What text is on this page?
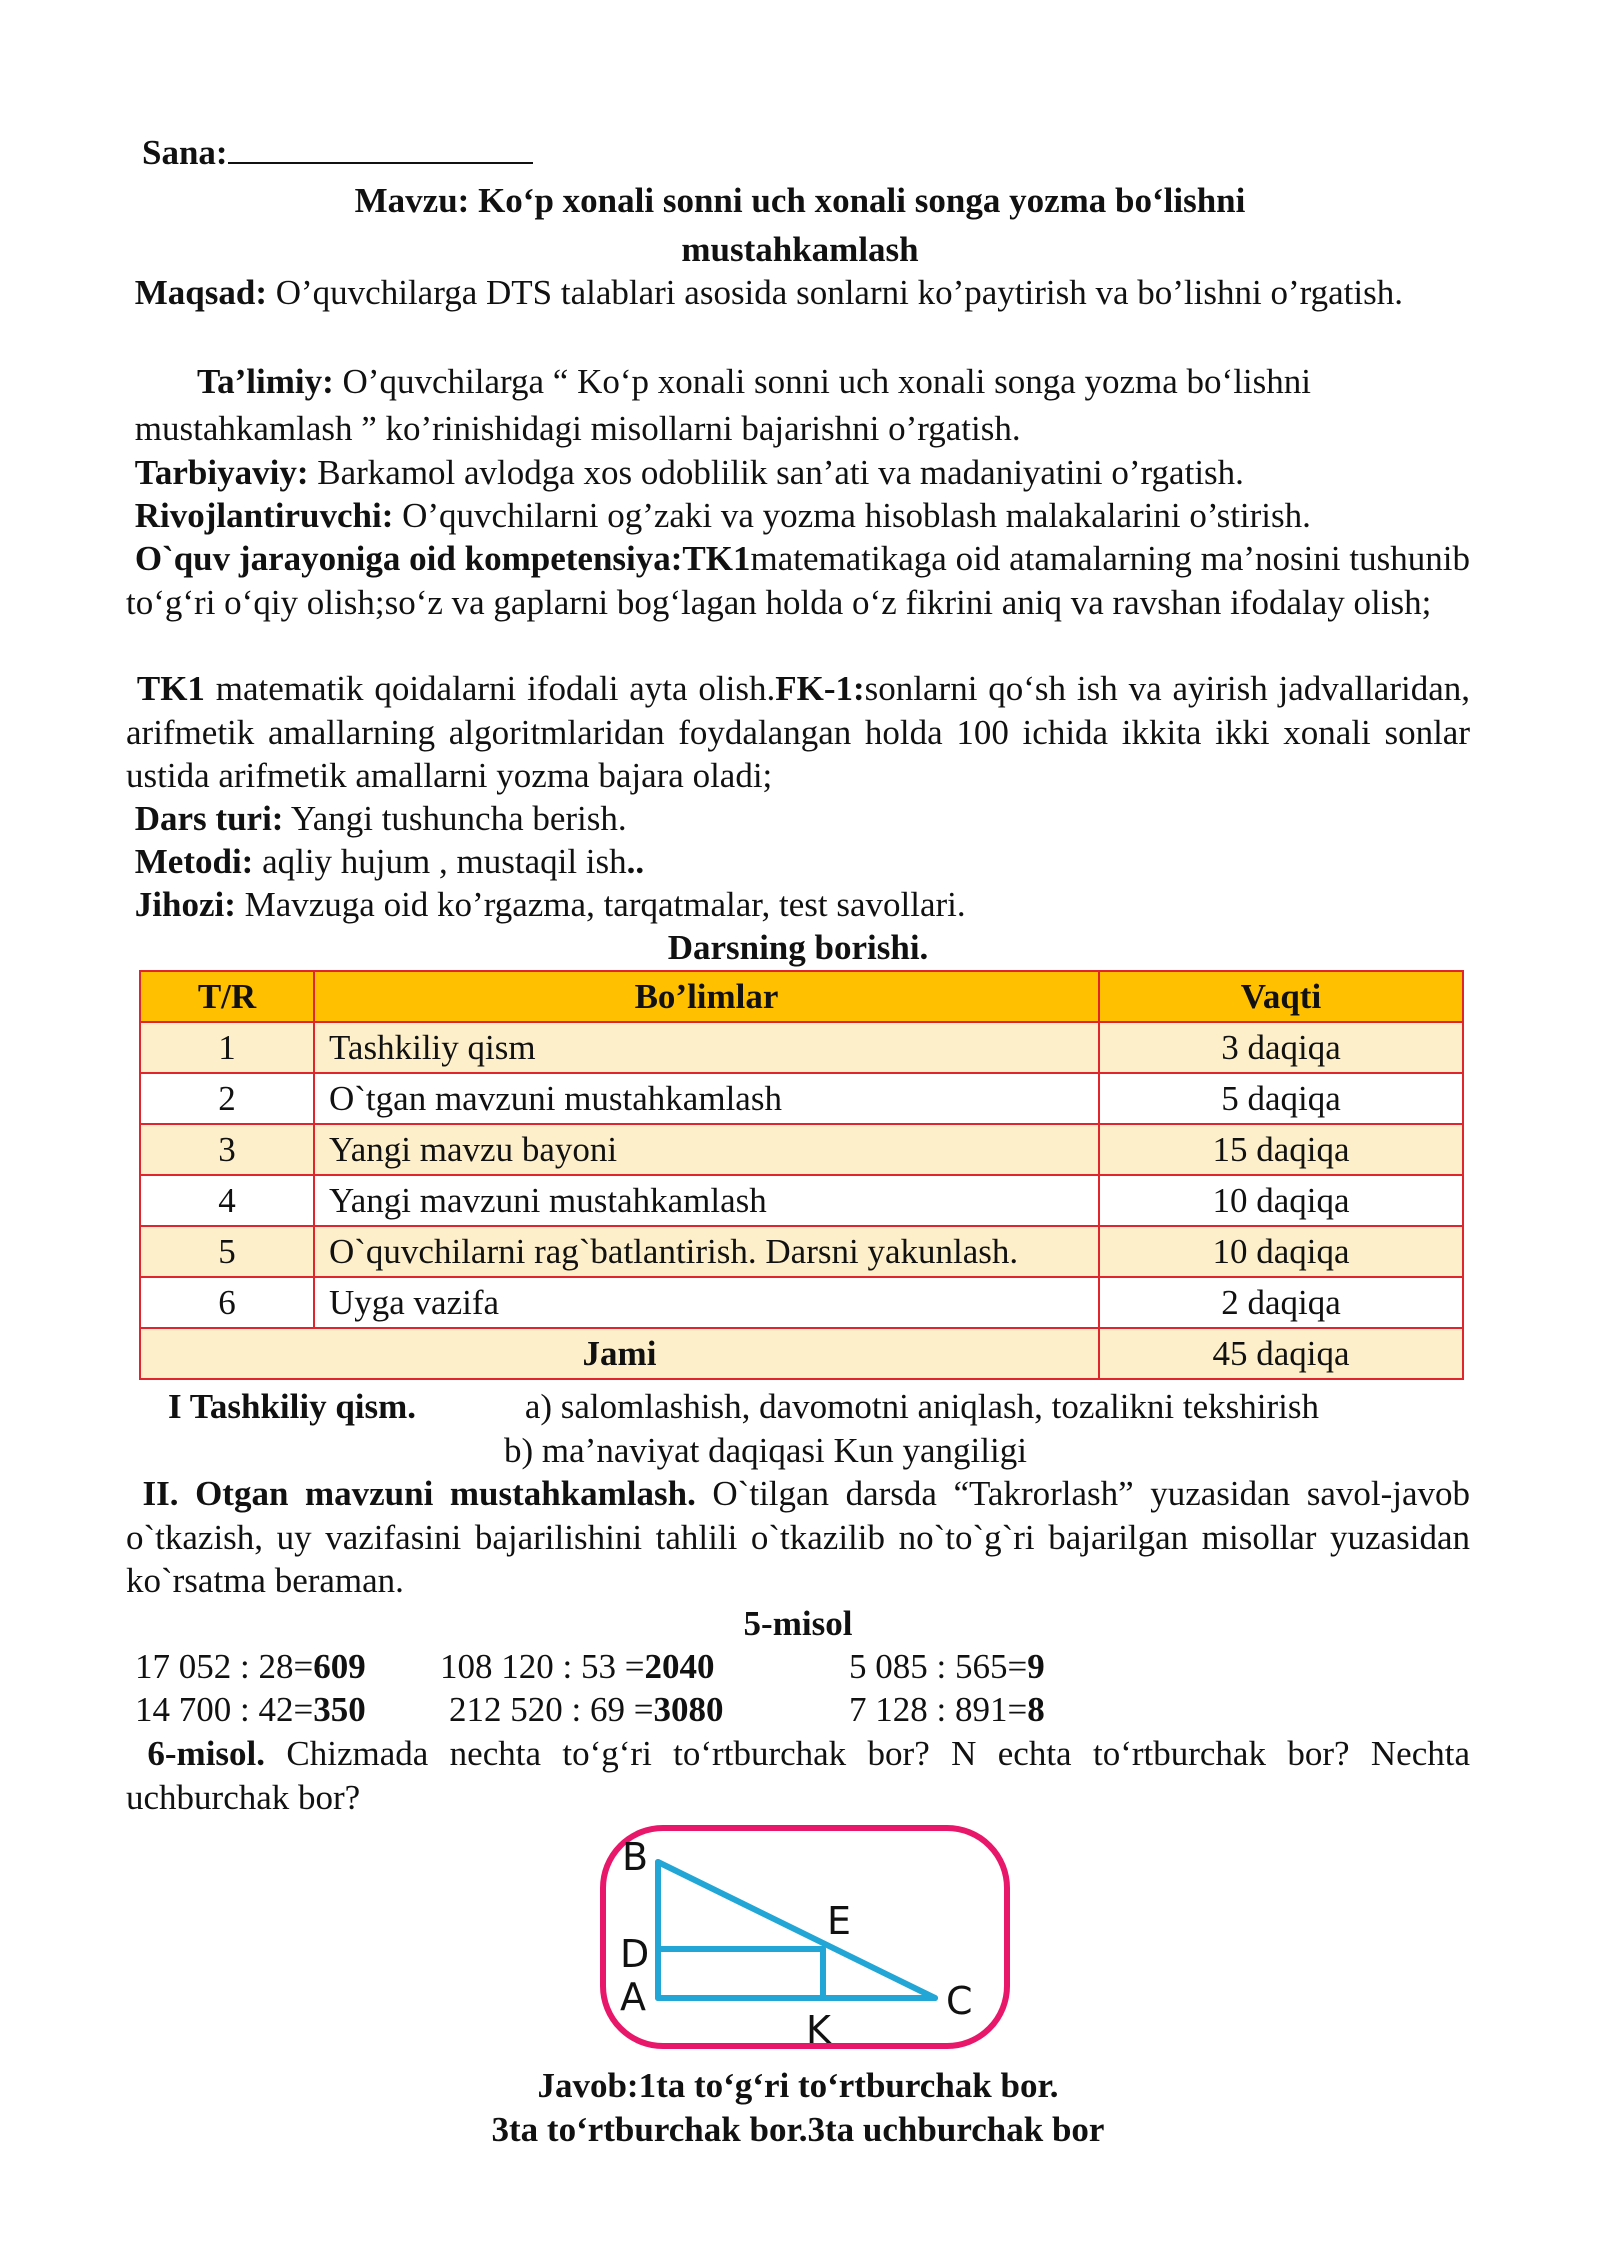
Sana:

Mavzu: Ko‘p xonali sonni uch xonali songa yozma bo‘lishni
mustahkamlash

Maqsad: O’quvchilarga DTS talablari asosida sonlarni ko’paytirish va bo’lishni o’rgatish.

Ta’limiy: O’quvchilarga “ Ko‘p xonali sonni uch xonali songa yozma bo‘lishni
mustahkamlash ” ko’rinishidagi misollarni bajarishni o’rgatish.

Tarbiyaviy: Barkamol avlodga xos odoblilik san’ati va madaniyatini o’rgatish.

Rivojlantiruvchi: O’quvchilarni og’zaki va yozma hisoblash malakalarini o’stirish.

O`quv jarayoniga oid kompetensiya:TK1matematikaga oid atamalarning ma’nosini tushunib to‘g‘ri o‘qiy olish;so‘z va gaplarni bog‘lagan holda o‘z fikrini aniq va ravshan ifodalay olish;

TK1 matematik qoidalarni ifodali ayta olish.FK-1:sonlarni qo‘sh ish va ayirish jadvallaridan, arifmetik amallarning algoritmlaridan foydalangan holda 100 ichida ikkita ikki xonali sonlar ustida arifmetik amallarni yozma bajara oladi;

Dars turi: Yangi tushuncha berish.

Metodi: aqliy hujum , mustaqil ish..

Jihozi: Mavzuga oid ko’rgazma, tarqatmalar, test savollari.

Darsning borishi.

T/R	Bo’limlar	Vaqti
1	Tashkiliy qism	3 daqiqa
2	O`tgan mavzuni mustahkamlash	5 daqiqa
3	Yangi mavzu bayoni	15 daqiqa
4	Yangi mavzuni mustahkamlash	10 daqiqa
5	O`quvchilarni rag`batlantirish. Darsni yakunlash.	10 daqiqa
6	Uyga vazifa	2 daqiqa
Jami		45 daqiqa

I Tashkiliy qism.	a) salomlashish, davomotni aniqlash, tozalikni tekshirish
b) ma’naviyat daqiqasi Kun yangiligi

II. Otgan mavzuni mustahkamlash. O`tilgan darsda “Takrorlash” yuzasidan savol-javob o`tkazish, uy vazifasini bajarilishini tahlili o`tkazilib no`to`g`ri bajarilgan misollar yuzasidan ko`rsatma beraman.

5-misol

17 052 : 28=609 108 120 : 53 =2040	5 085 : 565=9
14 700 : 42=350 212 520 : 69 =3080	7 128 : 891=8

6-misol. Chizmada nechta to‘g‘ri to‘rtburchak bor? N echta to‘rtburchak bor? Nechta uchburchak bor?

B
E
D
A
K
C

Javob:1ta to‘g‘ri to‘rtburchak bor.
3ta to‘rtburchak bor.3ta uchburchak bor
